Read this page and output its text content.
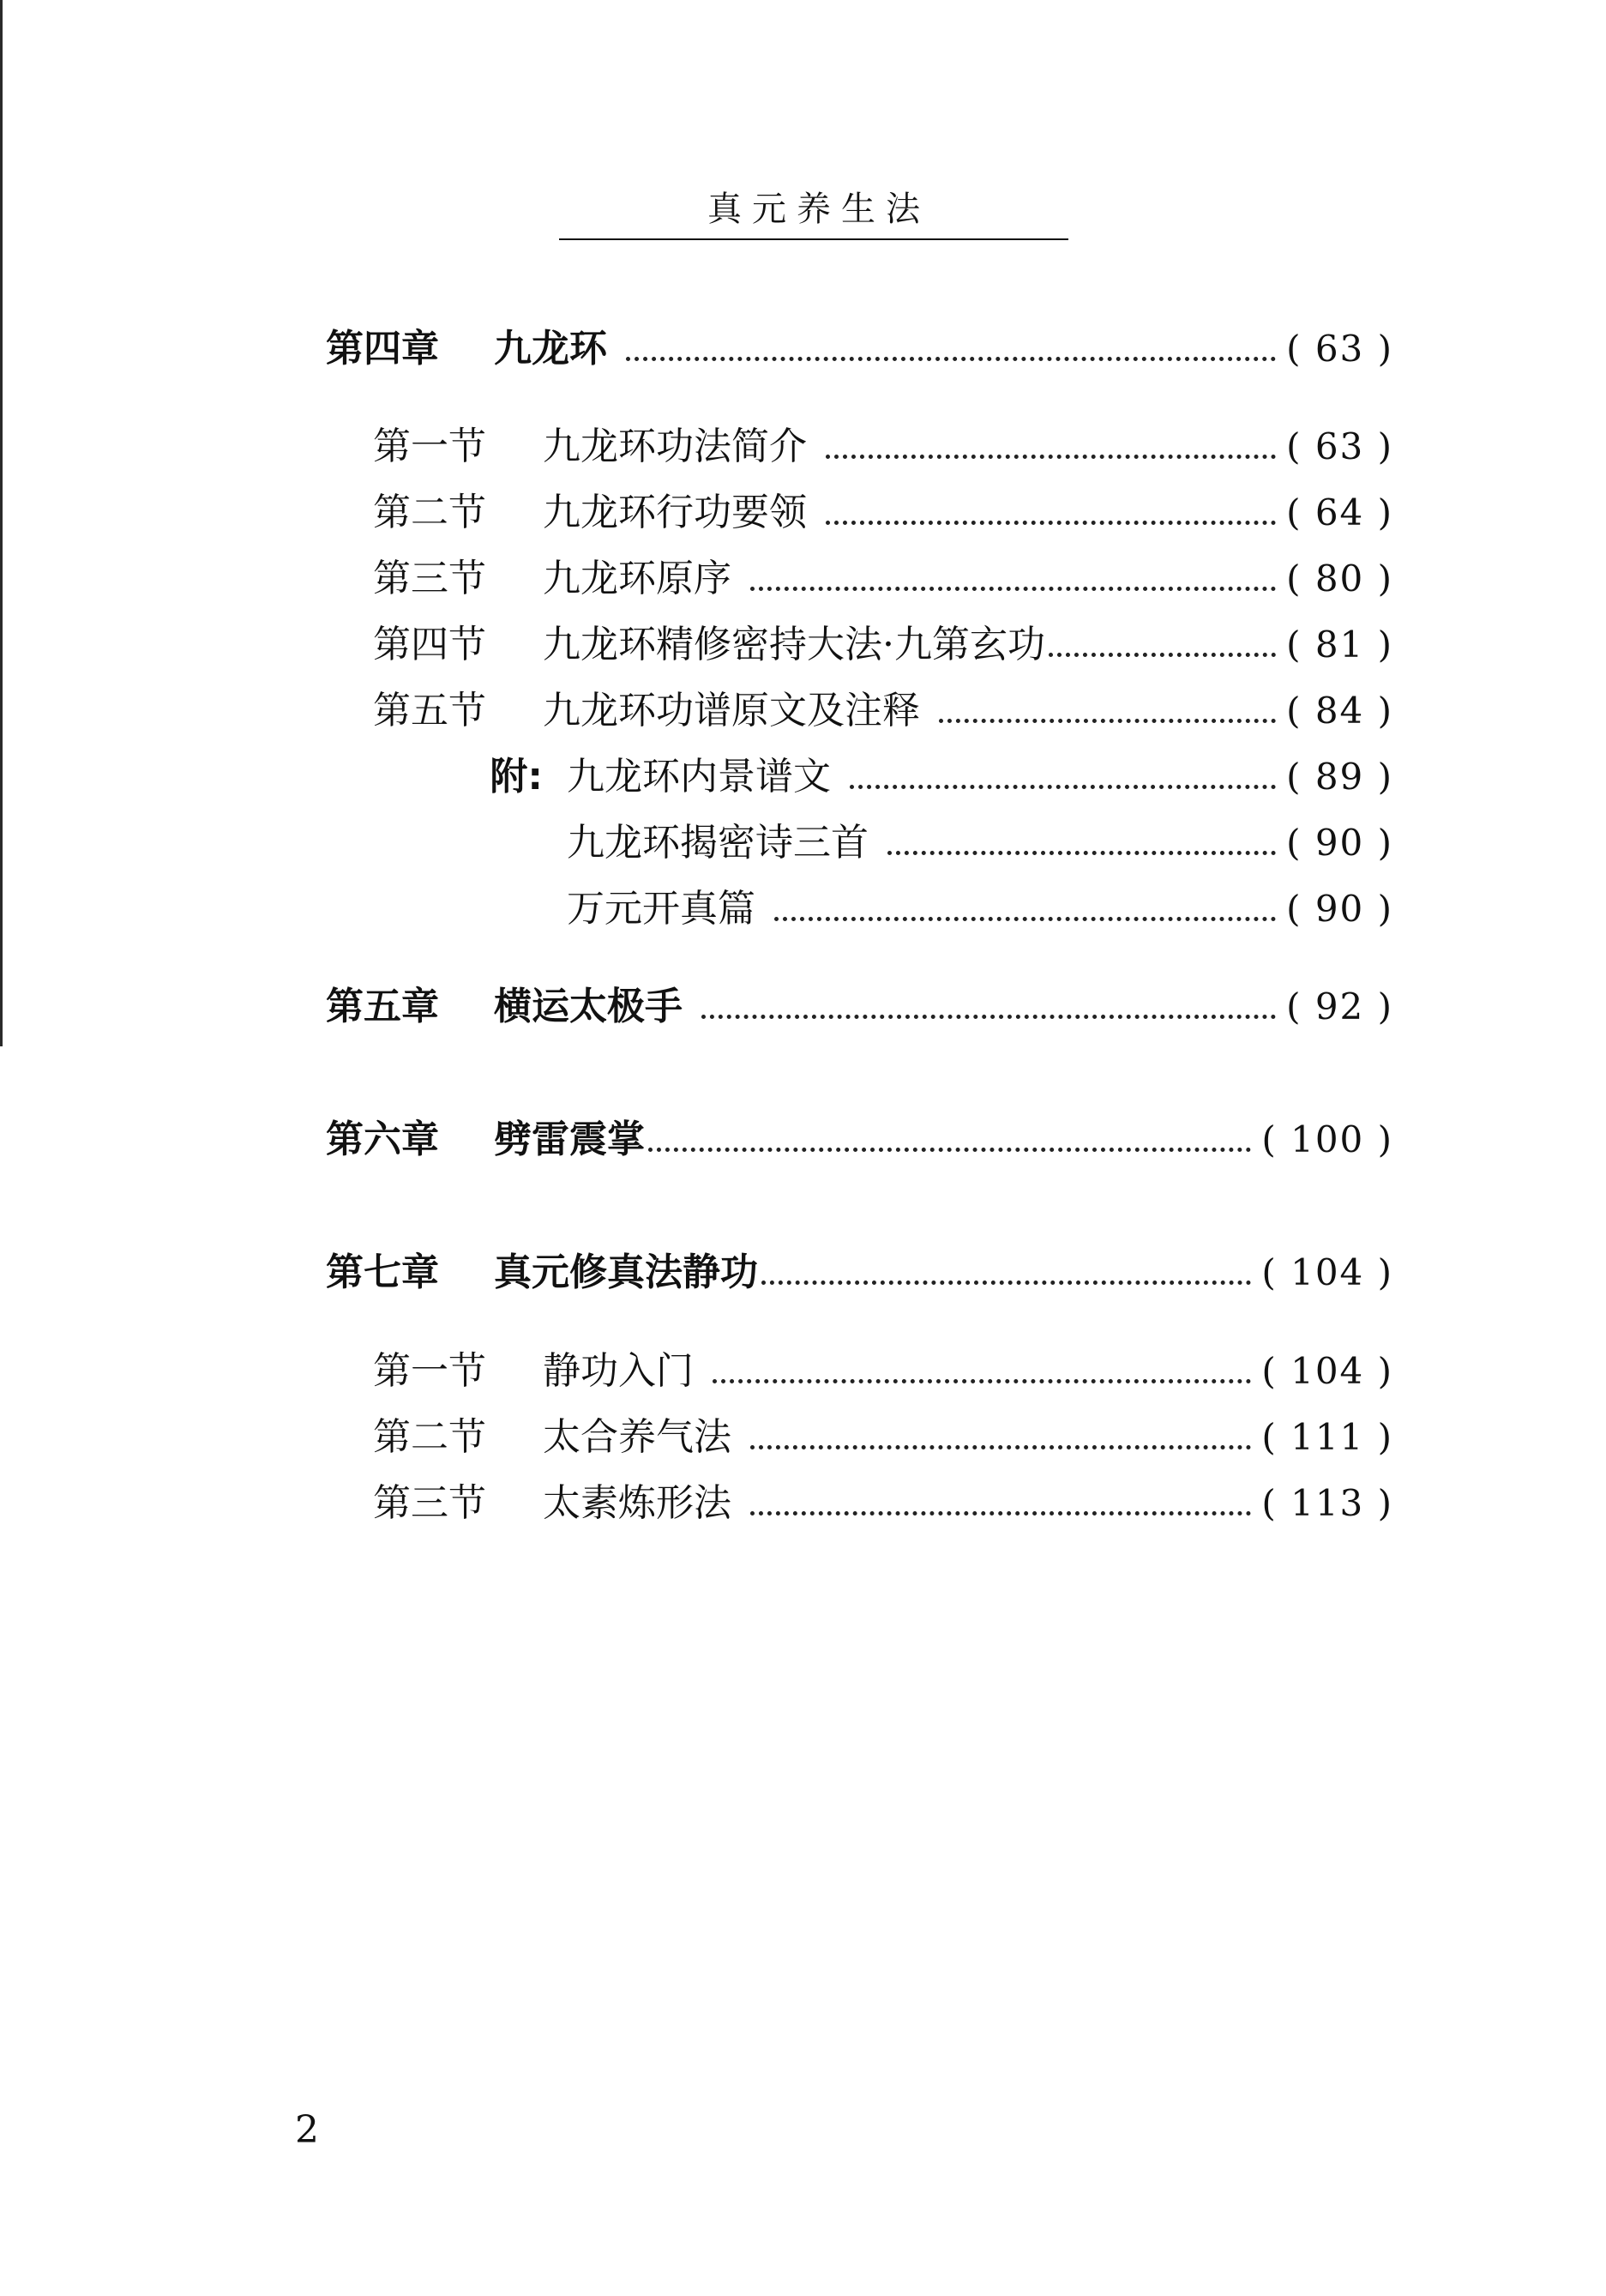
真元养生法
第四章	九龙环	( 63 )
第一节	九龙环功法简介	( 63 )
第二节	九龙环行功要领	( 64 )
第三节	九龙环原序	( 80 )
第四节	九龙环精修密持大法·九第玄功	( 81 )
第五节	九龙环功谱原文及注释	( 84 )
附: 九龙环内景谱文	( 89 )
九龙环揭密诗三首	( 90 )
万元开真篇	( 90 )
第五章	横运太极手	( 92 )
第六章	劈雷震掌	( 100 )
第七章	真元修真法静功	( 104 )
第一节	静功入门	( 104 )
第二节	太合养气法	( 111 )
第三节	太素炼形法	( 113 )
2
